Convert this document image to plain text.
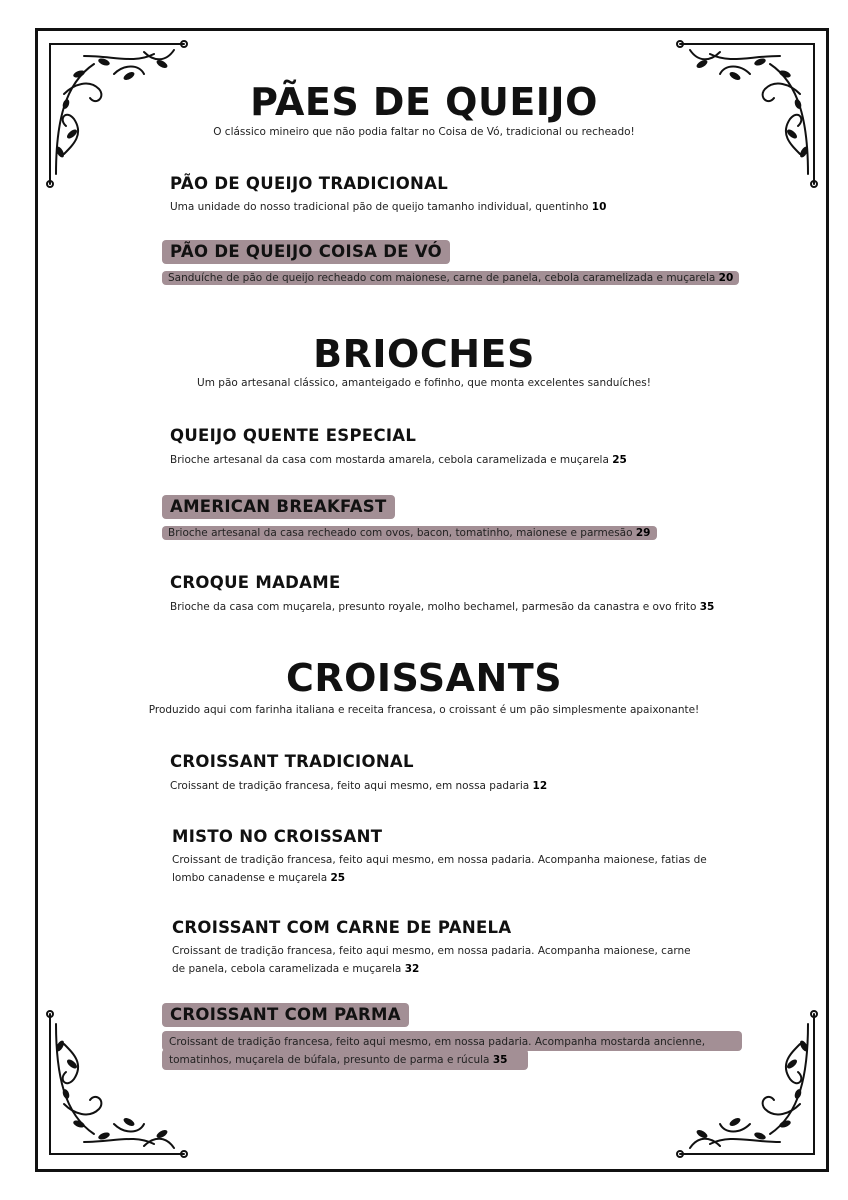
PÃES DE QUEIJO
O clássico mineiro que não podia faltar no Coisa de Vó, tradicional ou recheado!
PÃO DE QUEIJO TRADICIONAL
Uma unidade do nosso tradicional pão de queijo tamanho individual, quentinho 10
PÃO DE QUEIJO COISA DE VÓ
Sanduíche de pão de queijo recheado com maionese, carne de panela, cebola caramelizada e muçarela 20
BRIOCHES
Um pão artesanal clássico, amanteigado e fofinho, que monta excelentes sanduíches!
QUEIJO QUENTE ESPECIAL
Brioche artesanal da casa com mostarda amarela, cebola caramelizada e muçarela 25
AMERICAN BREAKFAST
Brioche artesanal da casa recheado com ovos, bacon, tomatinho, maionese e parmesão 29
CROQUE MADAME
Brioche da casa com muçarela, presunto royale, molho bechamel, parmesão da canastra e ovo frito 35
CROISSANTS
Produzido aqui com farinha italiana e receita francesa, o croissant é um pão simplesmente apaixonante!
CROISSANT TRADICIONAL
Croissant de tradição francesa, feito aqui mesmo, em nossa padaria 12
MISTO NO CROISSANT
Croissant de tradição francesa, feito aqui mesmo, em nossa padaria. Acompanha maionese, fatias de
lombo canadense e muçarela 25
CROISSANT COM CARNE DE PANELA
Croissant de tradição francesa, feito aqui mesmo, em nossa padaria. Acompanha maionese, carne
de panela, cebola caramelizada e muçarela 32
CROISSANT COM PARMA
Croissant de tradição francesa, feito aqui mesmo, em nossa padaria. Acompanha mostarda ancienne,
tomatinhos, muçarela de búfala, presunto de parma e rúcula 35
